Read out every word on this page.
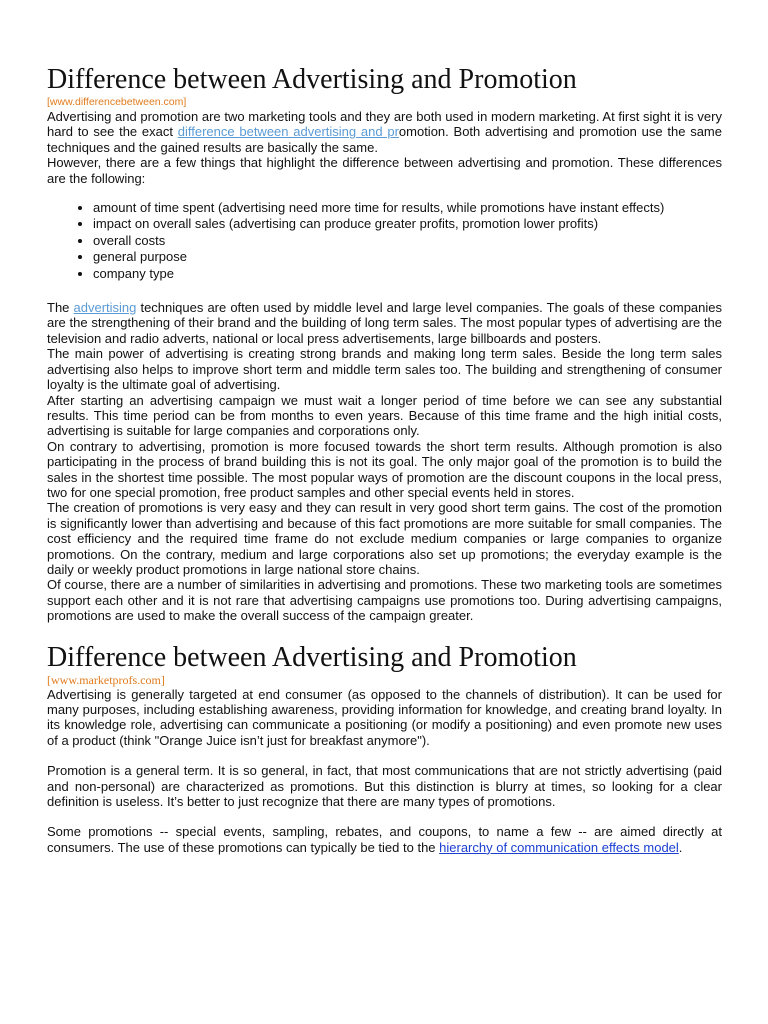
Difference between Advertising and Promotion
[www.differencebetween.com]

Advertising and promotion are two marketing tools and they are both used in modern marketing. At first sight it is very hard to see the exact difference between advertising and promotion. Both advertising and promotion use the same techniques and the gained results are basically the same.

However, there are a few things that highlight the difference between advertising and promotion. These differences are the following:

• amount of time spent (advertising need more time for results, while promotions have instant effects)
• impact on overall sales (advertising can produce greater profits, promotion lower profits)
• overall costs
• general purpose
• company type

The advertising techniques are often used by middle level and large level companies. The goals of these companies are the strengthening of their brand and the building of long term sales. The most popular types of advertising are the television and radio adverts, national or local press advertisements, large billboards and posters.

The main power of advertising is creating strong brands and making long term sales. Beside the long term sales advertising also helps to improve short term and middle term sales too. The building and strengthening of consumer loyalty is the ultimate goal of advertising.

After starting an advertising campaign we must wait a longer period of time before we can see any substantial results. This time period can be from months to even years. Because of this time frame and the high initial costs, advertising is suitable for large companies and corporations only.

On contrary to advertising, promotion is more focused towards the short term results. Although promotion is also participating in the process of brand building this is not its goal. The only major goal of the promotion is to build the sales in the shortest time possible. The most popular ways of promotion are the discount coupons in the local press, two for one special promotion, free product samples and other special events held in stores.

The creation of promotions is very easy and they can result in very good short term gains. The cost of the promotion is significantly lower than advertising and because of this fact promotions are more suitable for small companies. The cost efficiency and the required time frame do not exclude medium companies or large companies to organize promotions. On the contrary, medium and large corporations also set up promotions; the everyday example is the daily or weekly product promotions in large national store chains.

Of course, there are a number of similarities in advertising and promotions. These two marketing tools are sometimes support each other and it is not rare that advertising campaigns use promotions too. During advertising campaigns, promotions are used to make the overall success of the campaign greater.

Difference between Advertising and Promotion
[www.marketprofs.com]

Advertising is generally targeted at end consumer (as opposed to the channels of distribution). It can be used for many purposes, including establishing awareness, providing information for knowledge, and creating brand loyalty. In its knowledge role, advertising can communicate a positioning (or modify a positioning) and even promote new uses of a product (think "Orange Juice isn’t just for breakfast anymore").

Promotion is a general term. It is so general, in fact, that most communications that are not strictly advertising (paid and non-personal) are characterized as promotions. But this distinction is blurry at times, so looking for a clear definition is useless. It’s better to just recognize that there are many types of promotions.

Some promotions -- special events, sampling, rebates, and coupons, to name a few -- are aimed directly at consumers. The use of these promotions can typically be tied to the hierarchy of communication effects model.
